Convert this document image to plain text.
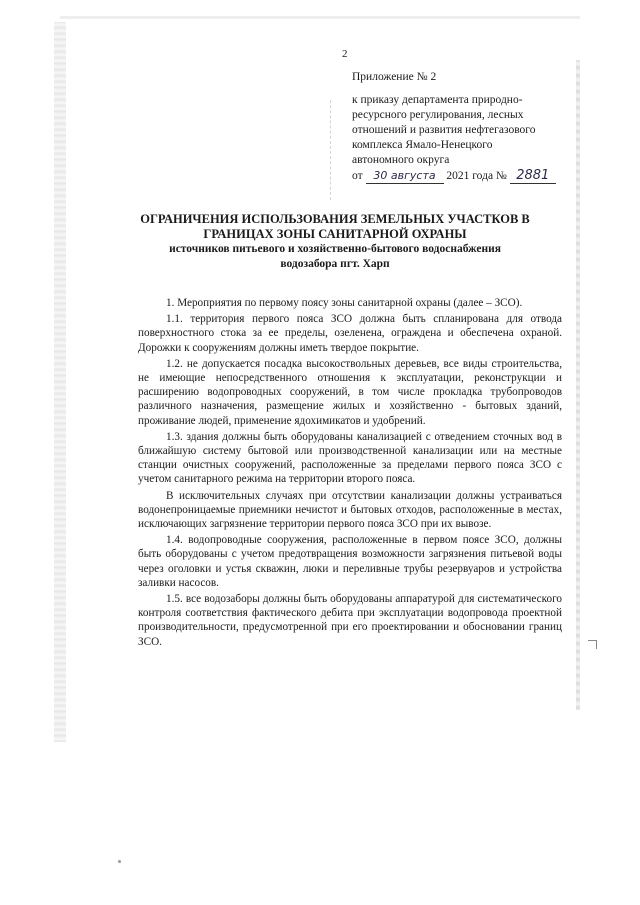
2
Приложение № 2
к приказу департамента природно-
ресурсного регулирования, лесных
отношений и развития нефтегазового
комплекса Ямало-Ненецкого
автономного округа
от 30 августа 2021 года № 2881
ОГРАНИЧЕНИЯ ИСПОЛЬЗОВАНИЯ ЗЕМЕЛЬНЫХ УЧАСТКОВ В
ГРАНИЦАХ ЗОНЫ САНИТАРНОЙ ОХРАНЫ
источников питьевого и хозяйственно-бытового водоснабжения
водозабора пгт. Харп

1. Мероприятия по первому поясу зоны санитарной охраны (далее – ЗСО).

1.1. территория первого пояса ЗСО должна быть спланирована для отвода поверхностного стока за ее пределы, озеленена, ограждена и обеспечена охраной. Дорожки к сооружениям должны иметь твердое покрытие.

1.2. не допускается посадка высокоствольных деревьев, все виды строительства, не имеющие непосредственного отношения к эксплуатации, реконструкции и расширению водопроводных сооружений, в том числе прокладка трубопроводов различного назначения, размещение жилых и хозяйственно - бытовых зданий, проживание людей, применение ядохимикатов и удобрений.

1.3. здания должны быть оборудованы канализацией с отведением сточных вод в ближайшую систему бытовой или производственной канализации или на местные станции очистных сооружений, расположенные за пределами первого пояса ЗСО с учетом санитарного режима на территории второго пояса.

В исключительных случаях при отсутствии канализации должны устраиваться водонепроницаемые приемники нечистот и бытовых отходов, расположенные в местах, исключающих загрязнение территории первого пояса ЗСО при их вывозе.

1.4. водопроводные сооружения, расположенные в первом поясе ЗСО, должны быть оборудованы с учетом предотвращения возможности загрязнения питьевой воды через оголовки и устья скважин, люки и переливные трубы резервуаров и устройства заливки насосов.

1.5. все водозаборы должны быть оборудованы аппаратурой для систематического контроля соответствия фактического дебита при эксплуатации водопровода проектной производительности, предусмотренной при его проектировании и обосновании границ ЗСО.
